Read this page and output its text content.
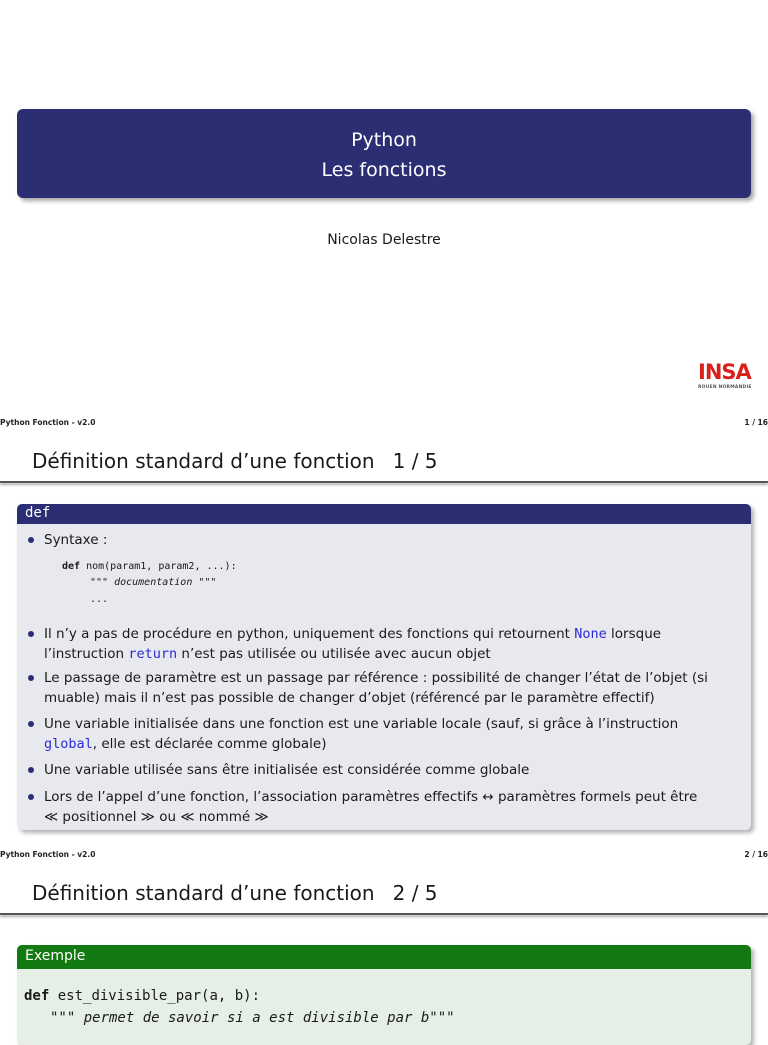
Python
Les fonctions
Nicolas Delestre
INSA
ROUEN NORMANDIE
Python Fonction - v2.0	1 / 16
Définition standard d’une fonction 1 / 5
def
Syntaxe :
def nom(param1, param2, ...):
""" documentation """
...
Il n’y a pas de procédure en python, uniquement des fonctions qui retournent None lorsque
l’instruction return n’est pas utilisée ou utilisée avec aucun objet
Le passage de paramètre est un passage par référence : possibilité de changer l’état de l’objet (si
muable) mais il n’est pas possible de changer d’objet (référencé par le paramètre effectif)
Une variable initialisée dans une fonction est une variable locale (sauf, si grâce à l’instruction
global, elle est déclarée comme globale)
Une variable utilisée sans être initialisée est considérée comme globale
Lors de l’appel d’une fonction, l’association paramètres effectifs ↔ paramètres formels peut être
≪ positionnel ≫ ou ≪ nommé ≫
Python Fonction - v2.0	2 / 16
Définition standard d’une fonction 2 / 5
Exemple
def est_divisible_par(a, b):
""" permet de savoir si a est divisible par b"""
